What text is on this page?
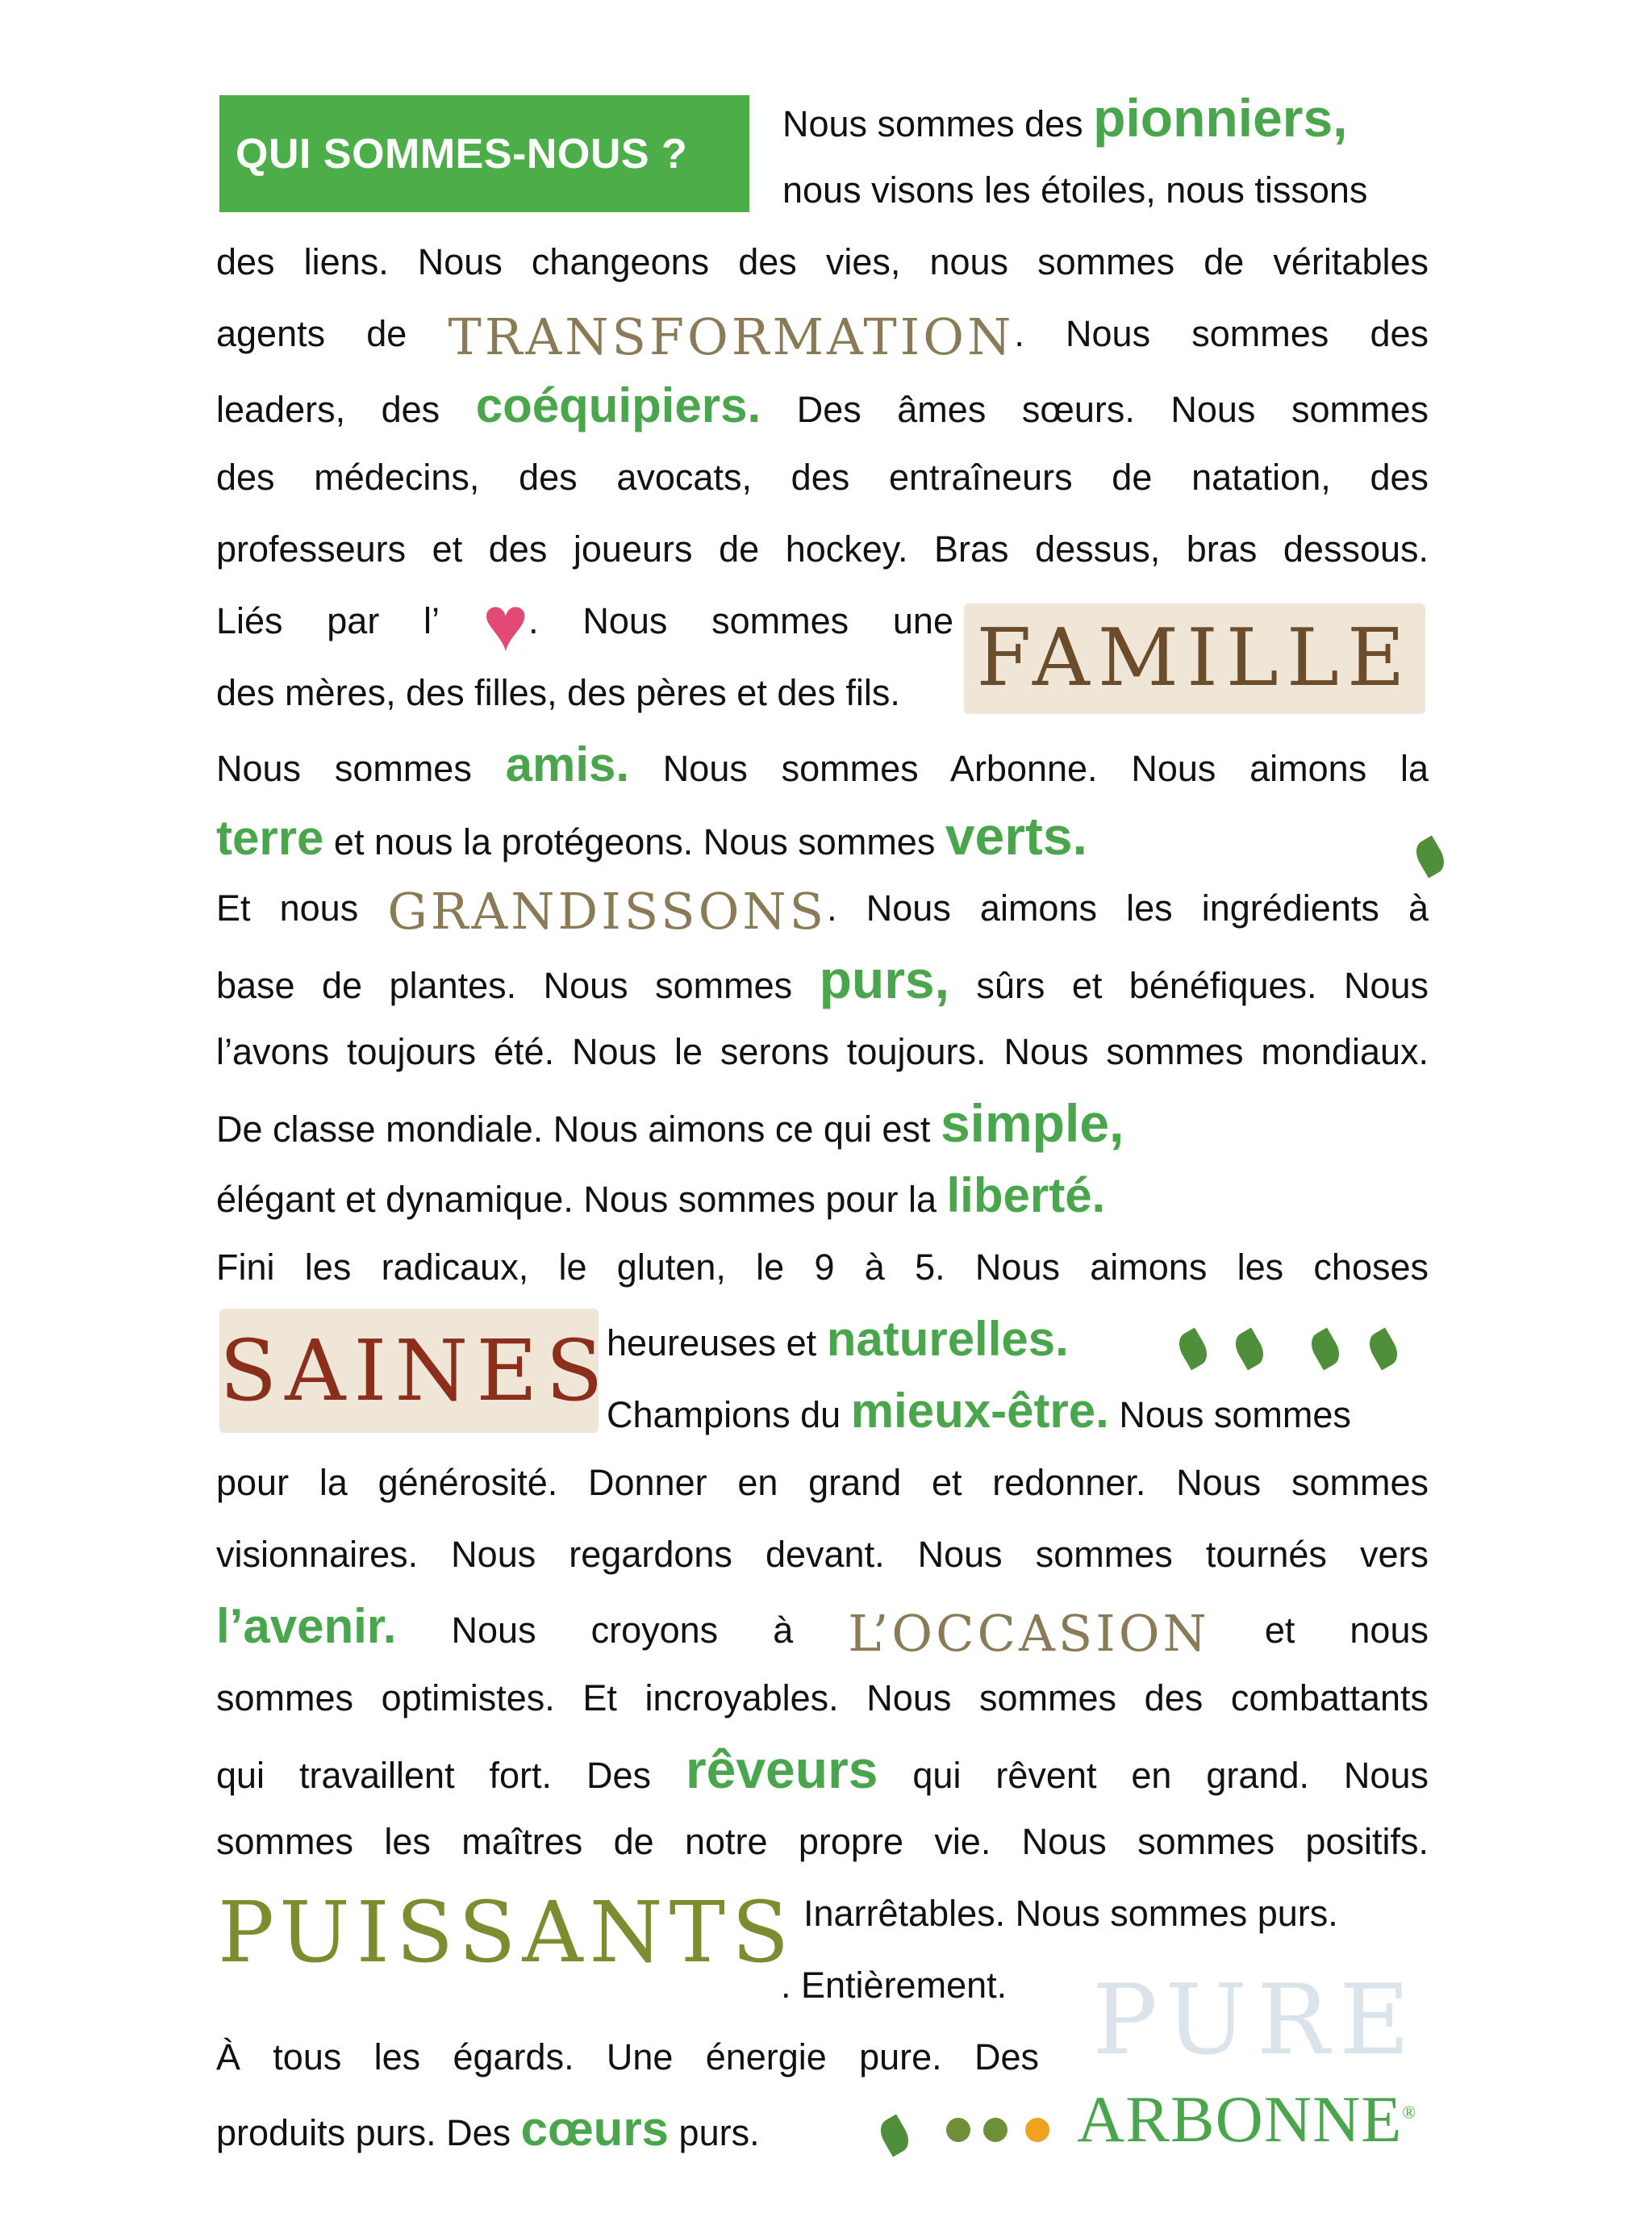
QUI SOMMES-NOUS ?
Nous sommes des pionniers,
nous visons les étoiles, nous tissons
des liens. Nous changeons des vies, nous sommes de véritables
agents de TRANSFORMATION. Nous sommes des
leaders, des coéquipiers. Des âmes sœurs. Nous sommes
des médecins, des avocats, des entraîneurs de natation, des
professeurs et des joueurs de hockey. Bras dessus, bras dessous.
Liés par l’ ♥. Nous sommes une
des mères, des filles, des pères et des fils.
Nous sommes amis. Nous sommes Arbonne. Nous aimons la
terre et nous la protégeons. Nous sommes verts.
Et nous GRANDISSONS. Nous aimons les ingrédients à
base de plantes. Nous sommes purs, sûrs et bénéfiques. Nous
l’avons toujours été. Nous le serons toujours. Nous sommes mondiaux.
De classe mondiale. Nous aimons ce qui est simple,
élégant et dynamique. Nous sommes pour la liberté.
Fini les radicaux, le gluten, le 9 à 5. Nous aimons les choses
heureuses et naturelles.
Champions du mieux-être. Nous sommes
pour la générosité. Donner en grand et redonner. Nous sommes
visionnaires. Nous regardons devant. Nous sommes tournés vers
l’avenir. Nous croyons à L’OCCASION et nous
sommes optimistes. Et incroyables. Nous sommes des combattants
qui travaillent fort. Des rêveurs qui rêvent en grand. Nous
sommes les maîtres de notre propre vie. Nous sommes positifs.
Inarrêtables. Nous sommes purs.
. Entièrement.
À tous les égards. Une énergie pure. Des
produits purs. Des cœurs purs.
FAMILLE
SAINES
PUISSANTS
PURE
ARBONNE®
